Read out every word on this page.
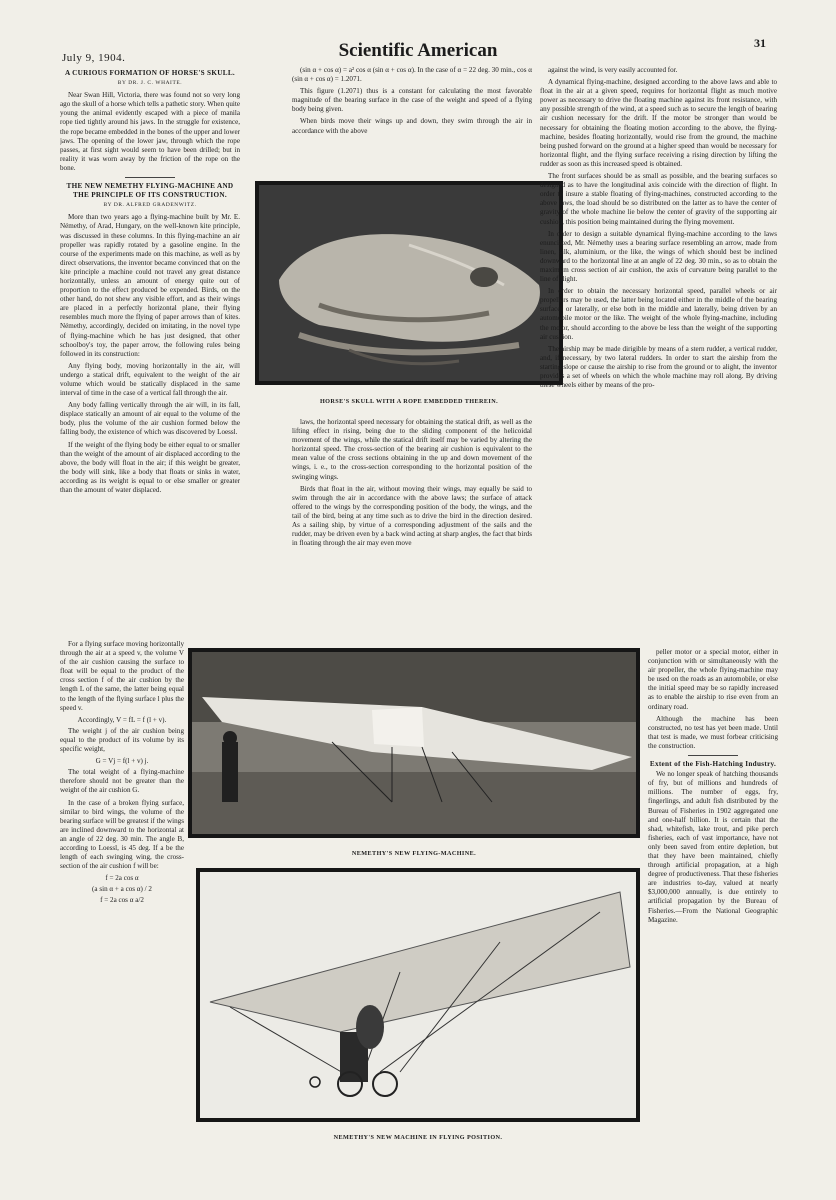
July 9, 1904.	Scientific American	31
A CURIOUS FORMATION OF HORSE'S SKULL.
BY DR. J. C. WHAITE.

Near Swan Hill, Victoria, there was found not so very long ago the skull of a horse which tells a pathetic story. When quite young the animal evidently escaped with a piece of manila rope tied tightly around his jaws. In the struggle for existence, the rope became embedded in the bones of the upper and lower jaws. The opening of the lower jaw, through which the rope passes, at first sight would seem to have been drilled; but in reality it was worn away by the friction of the rope on the bone.

THE NEW NEMETHY FLYING-MACHINE AND THE PRINCIPLE OF ITS CONSTRUCTION.
BY DR. ALFRED GRADENWITZ.

More than two years ago a flying-machine built by Mr. E. Némethy, of Arad, Hungary, on the well-known kite principle, was discussed in these columns. In this flying-machine an air propeller was rapidly rotated by a gasoline engine. In the course of the experiments made on this machine, as well as by direct observations, the inventor became convinced that on the kite principle a machine could not travel any great distance horizontally, unless an amount of energy quite out of proportion to the effect produced be expended. Birds, on the other hand, do not shew any visible effort, and as their wings are placed in a perfectly horizontal plane, their flying resembles much more the flying of paper arrows than of kites. Némethy, accordingly, decided on imitating, in the novel type of flying-machine which he has just designed, that other schoolboy's toy, the paper arrow, the following rules being followed in its construction:

Any flying body, moving horizontally in the air, will undergo a statical drift, equivalent to the weight of the air volume which would be statically displaced in the same interval of time in the case of a vertical fall through the air.

Any body falling vertically through the air will, in its fall, displace statically an amount of air equal to the volume of the body, plus the volume of the air cushion formed below the falling body, the existence of which was discovered by Loessl.

If the weight of the flying body be either equal to or smaller than the weight of the amount of air displaced according to the above, the body will float in the air; if this weight be greater, the body will sink, like a body that floats or sinks in water, according as its weight is equal to or else smaller or greater than the amount of water displaced.

For a flying surface moving horizontally through the air at a speed v, the volume V of the air cushion causing the surface to float will be equal to the product of the cross section f of the air cushion by the length L of the same, the latter being equal to the length of the flying surface l plus the speed v.

Accordingly, V = fL = f (l + v).

The weight j of the air cushion being equal to the product of its volume by its specific weight,

G = Vj = f(l + v) j.

The total weight of a flying-machine therefore should not be greater than the weight of the air cushion G.

In the case of a broken flying surface, similar to bird wings, the volume of the bearing surface will be greatest if the wings are inclined downward to the horizontal at an angle of 22 deg. 30 min. The angle B, according to Loessl, is 45 deg. If a be the length of each swinging wing, the cross-section of the air cushion f will be:

f = 2a cos α

(a sin α + a cos α) / 2

f = 2a cos α a/2

(sin α + cos α) = a² cos α (sin α + cos α). In the case of α = 22 deg. 30 min., cos α (sin α + cos α) = 1.2071.

This figure (1.2071) thus is a constant for calculating the most favorable magnitude of the bearing surface in the case of the weight and speed of a flying body being given.

When birds move their wings up and down, they swim through the air in accordance with the above

HORSE'S SKULL WITH A ROPE EMBEDDED THEREIN.

laws, the horizontal speed necessary for obtaining the statical drift, as well as the lifting effect in rising, being due to the sliding component of the helicoidal movement of the wings, while the statical drift itself may be varied by altering the horizontal speed. The cross-section of the bearing air cushion is equivalent to the mean value of the cross sections obtaining in the up and down movement of the wings, i. e., to the cross-section corresponding to the horizontal position of the swinging wings.

Birds that float in the air, without moving their wings, may equally be said to swim through the air in accordance with the above laws; the surface of attack offered to the wings by the corresponding position of the body, the wings, and the tail of the bird, being at any time such as to drive the bird in the direction desired. As a sailing ship, by virtue of a corresponding adjustment of the sails and the rudder, may be driven even by a back wind acting at sharp angles, the fact that birds in floating through the air may even move

against the wind, is very easily accounted for.

A dynamical flying-machine, designed according to the above laws and able to float in the air at a given speed, requires for horizontal flight as much motive power as necessary to drive the floating machine against its front resistance, with any possible strength of the wind, at a speed such as to secure the length of bearing air cushion necessary for the drift. If the motor be stronger than would be necessary for obtaining the floating motion according to the above, the flying-machine, besides floating horizontally, would rise from the ground, the machine being pushed forward on the ground at a higher speed than would be necessary for horizontal flight, and the flying surface receiving a rising direction by lifting the rudder as soon as this increased speed is obtained.

The front surfaces should be as small as possible, and the bearing surfaces so designed as to have the longitudinal axis coincide with the direction of flight. In order to insure a stable floating of flying-machines, constructed according to the above laws, the load should be so distributed on the latter as to have the center of gravity of the whole machine lie below the center of gravity of the supporting air cushion, this position being maintained during the flying movement.

In order to design a suitable dynamical flying-machine according to the laws enunciated, Mr. Némethy uses a bearing surface resembling an arrow, made from linen, silk, aluminium, or the like, the wings of which should best be inclined downward to the horizontal line at an angle of 22 deg. 30 min., so as to obtain the maximum cross section of air cushion, the axis of curvature being parallel to the line of flight.

In order to obtain the necessary horizontal speed, parallel wheels or air propellers may be used, the latter being located either in the middle of the bearing surfaces or laterally, or else both in the middle and laterally, being driven by an automobile motor or the like. The weight of the whole flying-machine, including the motor, should according to the above be less than the weight of the supporting air cushion.

The airship may be made dirigible by means of a stern rudder, a vertical rudder, and, if necessary, by two lateral rudders. In order to start the airship from the starting slope or cause the airship to rise from the ground or to alight, the inventor provides a set of wheels on which the whole machine may roll along. By driving these wheels either by means of the pro-

NEMETHY'S NEW FLYING-MACHINE.

peller motor or a special motor, either in conjunction with or simultaneously with the air propeller, the whole flying-machine may be used on the roads as an automobile, or else the initial speed may be so rapidly increased as to enable the airship to rise even from an ordinary road.

Although the machine has been constructed, no test has yet been made. Until that test is made, we must forbear criticising the construction.

Extent of the Fish-Hatching Industry.

We no longer speak of hatching thousands of fry, but of millions and hundreds of millions. The number of eggs, fry, fingerlings, and adult fish distributed by the Bureau of Fisheries in 1902 aggregated one and one-half billion. It is certain that the shad, whitefish, lake trout, and pike perch fisheries, each of vast importance, have not only been saved from entire depletion, but that they have been maintained, chiefly through artificial propagation, at a high degree of productiveness. That these fisheries are industries to-day, valued at nearly $3,000,000 annually, is due entirely to artificial propagation by the Bureau of Fisheries.—From the National Geographic Magazine.

NEMETHY'S NEW MACHINE IN FLYING POSITION.
